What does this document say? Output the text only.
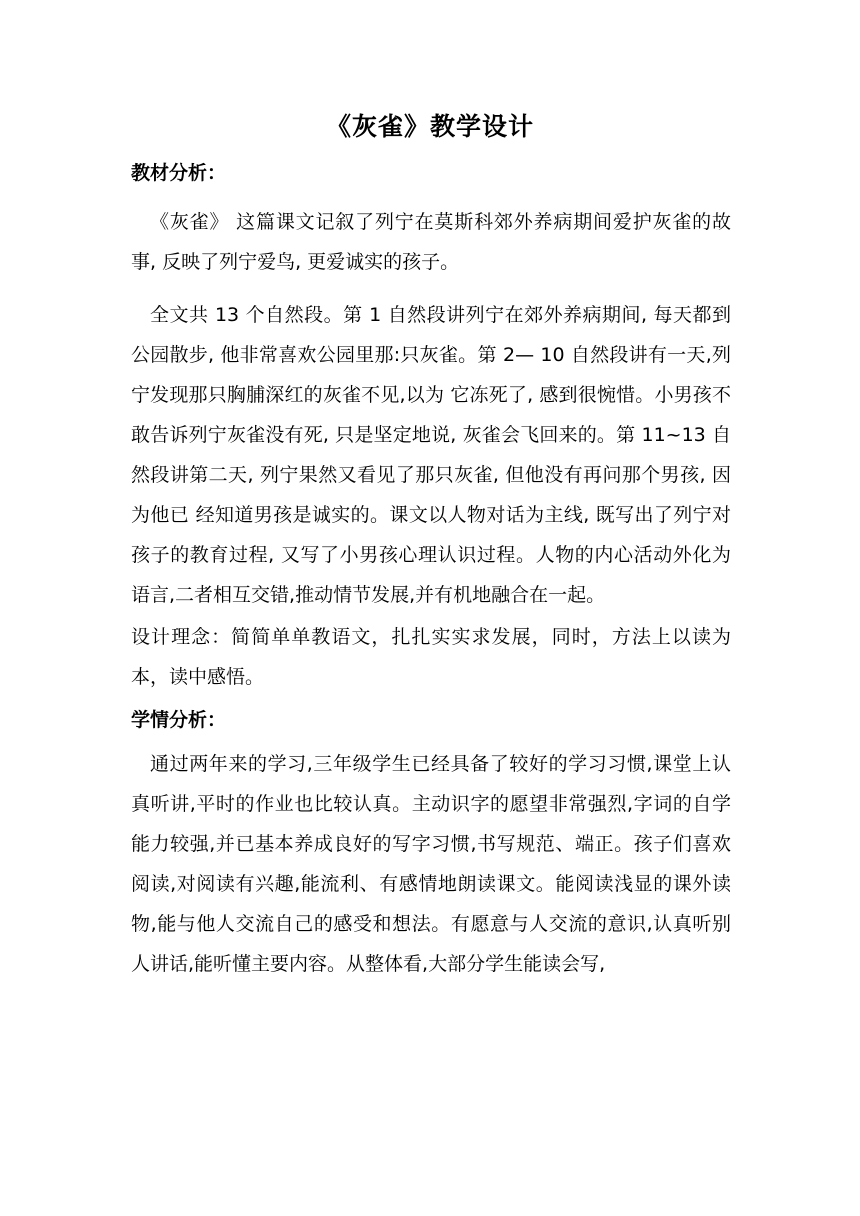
《灰雀》教学设计

教材分析：

《灰雀》 这篇课文记叙了列宁在莫斯科郊外养病期间爱护灰雀的故事, 反映了列宁爱鸟, 更爱诚实的孩子。

全文共 13 个自然段。第 1 自然段讲列宁在郊外养病期间, 每天都到公园散步, 他非常喜欢公园里那:只灰雀。第 2— 10 自然段讲有一天,列宁发现那只胸脯深红的灰雀不见,以为 它冻死了, 感到很惋惜。小男孩不敢告诉列宁灰雀没有死, 只是坚定地说, 灰雀会飞回来的。第 11~13 自然段讲第二天, 列宁果然又看见了那只灰雀, 但他没有再问那个男孩, 因为他已 经知道男孩是诚实的。课文以人物对话为主线, 既写出了列宁对孩子的教育过程, 又写了小男孩心理认识过程。人物的内心活动外化为语言,二者相互交错,推动情节发展,并有机地融合在一起。

设计理念：简简单单教语文，扎扎实实求发展，同时，方法上以读为本，读中感悟。

学情分析：

通过两年来的学习,三年级学生已经具备了较好的学习习惯,课堂上认真听讲,平时的作业也比较认真。主动识字的愿望非常强烈,字词的自学能力较强,并已基本养成良好的写字习惯,书写规范、端正。孩子们喜欢阅读,对阅读有兴趣,能流利、有感情地朗读课文。能阅读浅显的课外读物,能与他人交流自己的感受和想法。有愿意与人交流的意识,认真听别人讲话,能听懂主要内容。从整体看,大部分学生能读会写,
